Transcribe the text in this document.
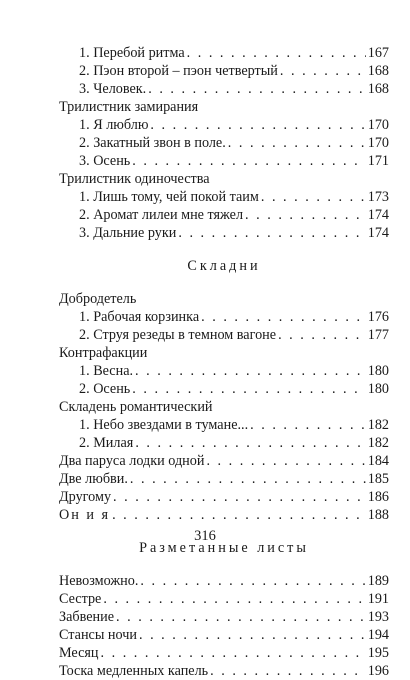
1. Перебой ритма . . .	167
2. Пэон второй – пэон четвертый . . .	168
3. Человек. . . .	168
Трилистник замирания
1. Я люблю . . .	170
2. Закатный звон в поле. . . .	170
3. Осень . . .	171
Трилистник одиночества
1. Лишь тому, чей покой таим . . .	173
2. Аромат лилеи мне тяжел . . .	174
3. Дальние руки . . .	174
Складни
Добродетель
1. Рабочая корзинка . . .	176
2. Струя резеды в темном вагоне . . .	177
Контрафакции
1. Весна. . . .	180
2. Осень . . .	180
Складень романтический
1. Небо звездами в тумане... . . .	182
2. Милая . . .	182
Два паруса лодки одной . . .	184
Две любви. . . .	185
Другому . . .	186
Он и я . . .	188
Разметанные листы
Невозможно. . . .	189
Сестре . . .	191
Забвение . . .	193
Стансы ночи . . .	194
Месяц . . .	195
Тоска медленных капель . . .	196
316
